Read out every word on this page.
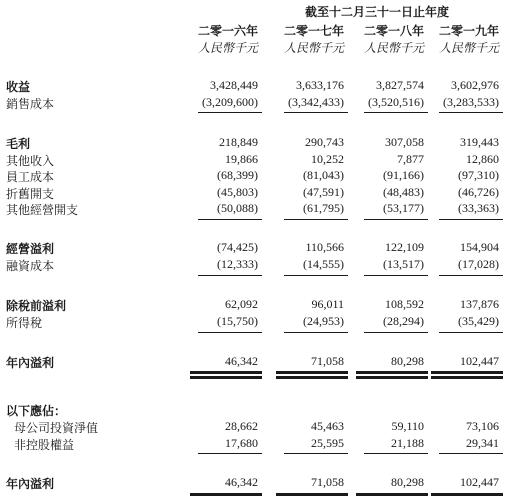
截至十二月三十一日止年度
二零一六年	二零一七年	二零一八年	二零一九年
人民幣千元	人民幣千元	人民幣千元	人民幣千元
收益	3,428,449	3,633,176	3,827,574	3,602,976
銷售成本	(3,209,600)	(3,342,433)	(3,520,516)	(3,283,533)
毛利	218,849	290,743	307,058	319,443
其他收入	19,866	10,252	7,877	12,860
員工成本	(68,399)	(81,043)	(91,166)	(97,310)
折舊開支	(45,803)	(47,591)	(48,483)	(46,726)
其他經營開支	(50,088)	(61,795)	(53,177)	(33,363)
經營溢利	(74,425)	110,566	122,109	154,904
融資成本	(12,333)	(14,555)	(13,517)	(17,028)
除稅前溢利	62,092	96,011	108,592	137,876
所得稅	(15,750)	(24,953)	(28,294)	(35,429)
年內溢利	46,342	71,058	80,298	102,447
以下應佔：
母公司投資淨值	28,662	45,463	59,110	73,106
非控股權益	17,680	25,595	21,188	29,341
年內溢利	46,342	71,058	80,298	102,447
